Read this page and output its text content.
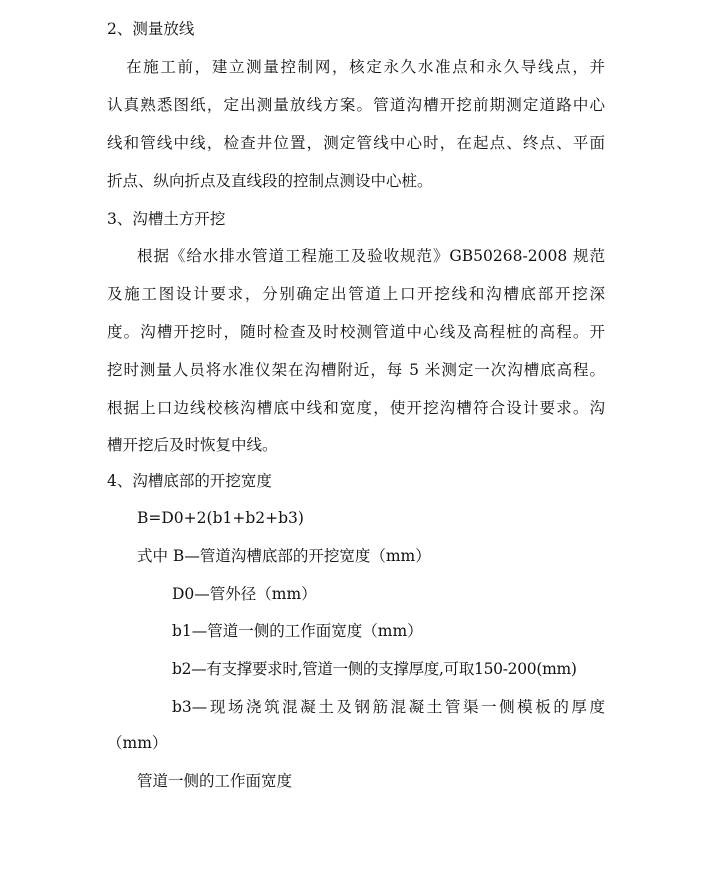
2、测量放线
在施工前，建立测量控制网，核定永久水准点和永久导线点，并
认真熟悉图纸，定出测量放线方案。管道沟槽开挖前期测定道路中心
线和管线中线，检查井位置，测定管线中心时，在起点、终点、平面
折点、纵向折点及直线段的控制点测设中心桩。
3、沟槽土方开挖
根据《给水排水管道工程施工及验收规范》GB50268-2008 规范
及施工图设计要求，分别确定出管道上口开挖线和沟槽底部开挖深
度。沟槽开挖时，随时检查及时校测管道中心线及高程桩的高程。开
挖时测量人员将水准仪架在沟槽附近，每 5 米测定一次沟槽底高程。
根据上口边线校核沟槽底中线和宽度，使开挖沟槽符合设计要求。沟
槽开挖后及时恢复中线。
4、沟槽底部的开挖宽度
B=D0+2(b1+b2+b3)
式中 B—管道沟槽底部的开挖宽度（mm）
D0—管外径（mm）
b1—管道一侧的工作面宽度（mm）
b2—有支撑要求时,管道一侧的支撑厚度,可取150-200(mm)
b3—现场浇筑混凝土及钢筋混凝土管渠一侧模板的厚度
（mm）
管道一侧的工作面宽度
